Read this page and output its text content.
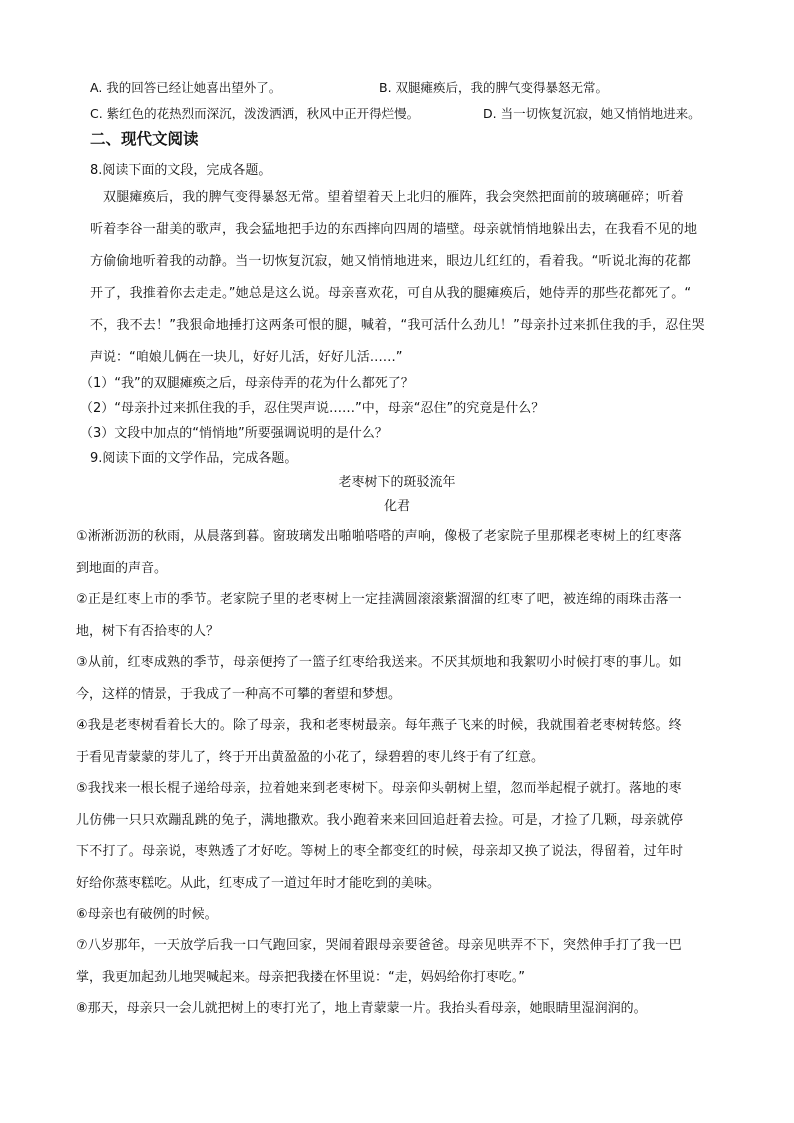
A. 我的回答已经让她喜出望外了。	B. 双腿瘫痪后，我的脾气变得暴怒无常。
C. 紫红色的花热烈而深沉，泼泼洒洒，秋风中正开得烂慢。	D. 当一切恢复沉寂，她又悄悄地进来。
二、现代文阅读
8.阅读下面的文段，完成各题。
双腿瘫痪后，我的脾气变得暴怒无常。望着望着天上北归的雁阵，我会突然把面前的玻璃砸碎；听着
听着李谷一甜美的歌声，我会猛地把手边的东西摔向四周的墙壁。母亲就悄悄地躲出去，在我看不见的地
方偷偷地听着我的动静。当一切恢复沉寂，她又悄悄地进来，眼边儿红红的，看着我。“听说北海的花都
开了，我推着你去走走。”她总是这么说。母亲喜欢花，可自从我的腿瘫痪后，她侍弄的那些花都死了。“
不，我不去！”我狠命地捶打这两条可恨的腿，喊着，“我可活什么劲儿！”母亲扑过来抓住我的手，忍住哭
声说：“咱娘儿俩在一块儿，好好儿活，好好儿活……”
（1）“我”的双腿瘫痪之后，母亲侍弄的花为什么都死了？
（2）“母亲扑过来抓住我的手，忍住哭声说……”中，母亲“忍住”的究竟是什么？
（3）文段中加点的“悄悄地”所要强调说明的是什么？
9.阅读下面的文学作品，完成各题。
老枣树下的斑驳流年
化君
①淅淅沥沥的秋雨，从晨落到暮。窗玻璃发出啪啪嗒嗒的声响，像极了老家院子里那棵老枣树上的红枣落
到地面的声音。
②正是红枣上市的季节。老家院子里的老枣树上一定挂满圆滚滚紫溜溜的红枣了吧，被连绵的雨珠击落一
地，树下有否拾枣的人？
③从前，红枣成熟的季节，母亲便挎了一篮子红枣给我送来。不厌其烦地和我絮叨小时候打枣的事儿。如
今，这样的情景，于我成了一种高不可攀的奢望和梦想。
④我是老枣树看着长大的。除了母亲，我和老枣树最亲。每年燕子飞来的时候，我就围着老枣树转悠。终
于看见青蒙蒙的芽儿了，终于开出黄盈盈的小花了，绿碧碧的枣儿终于有了红意。
⑤我找来一根长棍子递给母亲，拉着她来到老枣树下。母亲仰头朝树上望，忽而举起棍子就打。落地的枣
儿仿佛一只只欢蹦乱跳的兔子，满地撒欢。我小跑着来来回回追赶着去捡。可是，才捡了几颗，母亲就停
下不打了。母亲说，枣熟透了才好吃。等树上的枣全都变红的时候，母亲却又换了说法，得留着，过年时
好给你蒸枣糕吃。从此，红枣成了一道过年时才能吃到的美味。
⑥母亲也有破例的时候。
⑦八岁那年，一天放学后我一口气跑回家，哭闹着跟母亲要爸爸。母亲见哄弄不下，突然伸手打了我一巴
掌，我更加起劲儿地哭喊起来。母亲把我搂在怀里说：“走，妈妈给你打枣吃。”
⑧那天，母亲只一会儿就把树上的枣打光了，地上青蒙蒙一片。我抬头看母亲，她眼睛里湿润润的。
